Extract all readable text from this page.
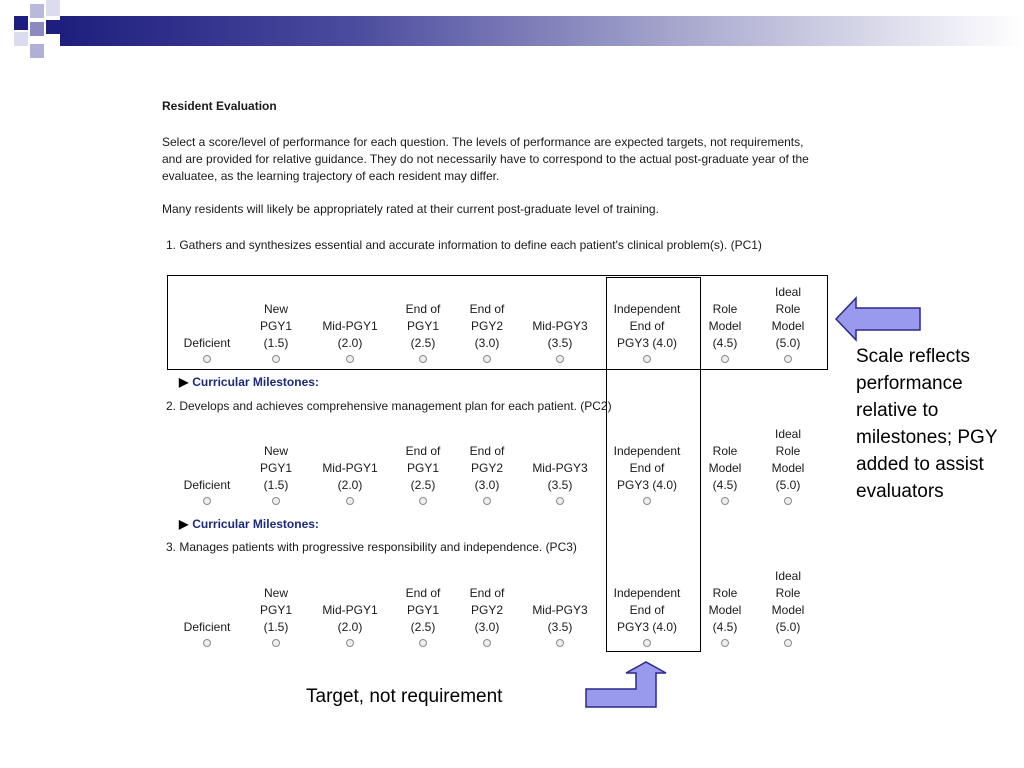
Resident Evaluation
Select a score/level of performance for each question. The levels of performance are expected targets, not requirements, and are provided for relative guidance. They do not necessarily have to correspond to the actual post-graduate year of the evaluatee, as the learning trajectory of each resident may differ.
Many residents will likely be appropriately rated at their current post-graduate level of training.
1. Gathers and synthesizes essential and accurate information to define each patient's clinical problem(s). (PC1)
2. Develops and achieves comprehensive management plan for each patient. (PC2)
3. Manages patients with progressive responsibility and independence. (PC3)
▶ Curricular Milestones:
▶ Curricular Milestones:
Deficient
New
PGY1
(1.5)
Mid-PGY1
(2.0)
End of
PGY1
(2.5)
End of
PGY2
(3.0)
Mid-PGY3
(3.5)
Independent
End of
PGY3 (4.0)
Role
Model
(4.5)
Ideal
Role
Model
(5.0)
Deficient
New
PGY1
(1.5)
Mid-PGY1
(2.0)
End of
PGY1
(2.5)
End of
PGY2
(3.0)
Mid-PGY3
(3.5)
Independent
End of
PGY3 (4.0)
Role
Model
(4.5)
Ideal
Role
Model
(5.0)
Deficient
New
PGY1
(1.5)
Mid-PGY1
(2.0)
End of
PGY1
(2.5)
End of
PGY2
(3.0)
Mid-PGY3
(3.5)
Independent
End of
PGY3 (4.0)
Role
Model
(4.5)
Ideal
Role
Model
(5.0)
Scale reflects performance relative to milestones; PGY added to assist evaluators
Target, not requirement
